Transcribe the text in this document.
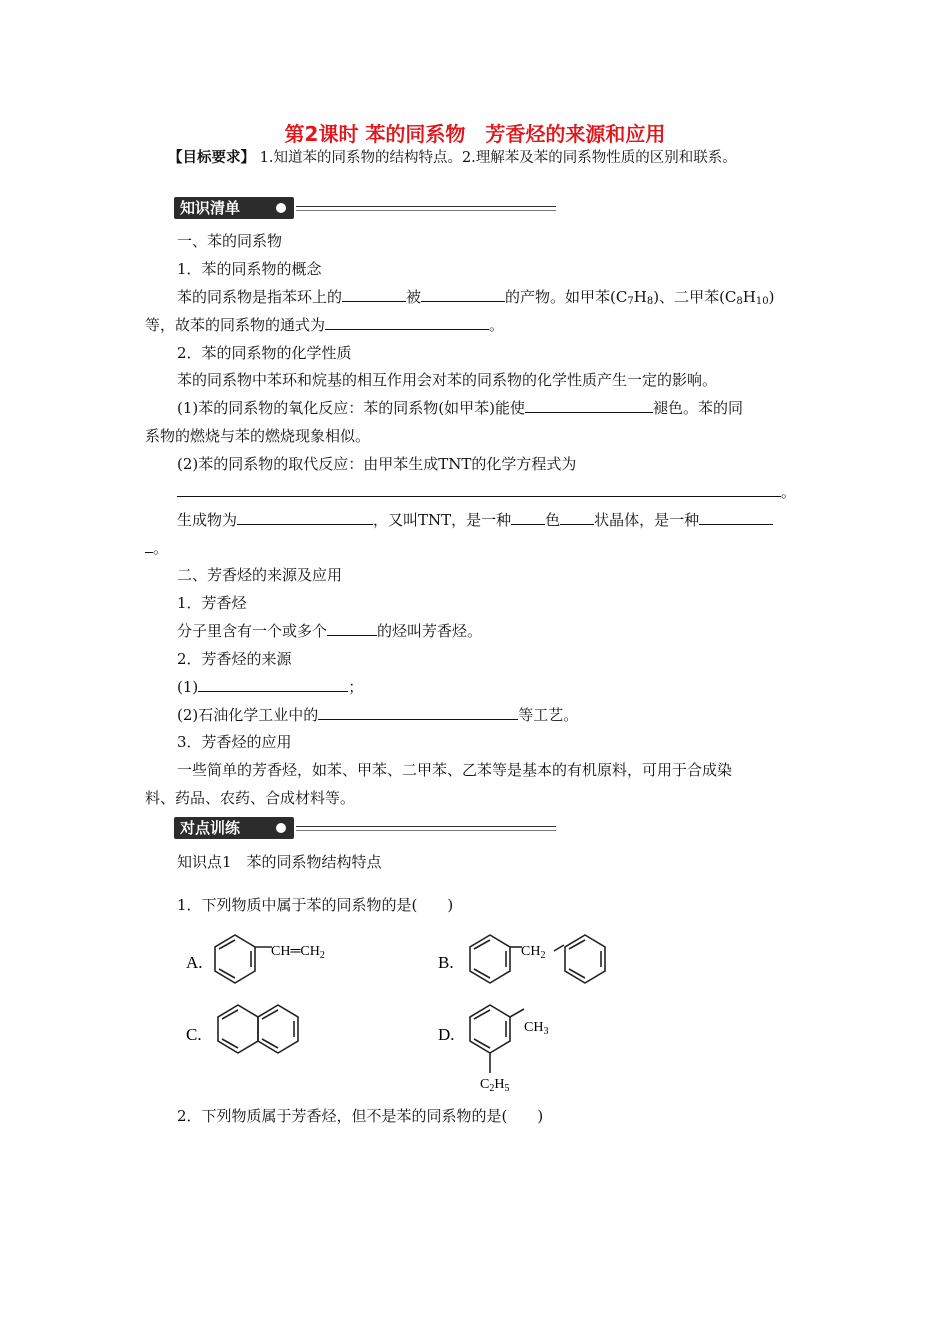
第2课时 苯的同系物　芳香烃的来源和应用
【目标要求】 1.知道苯的同系物的结构特点。2.理解苯及苯的同系物性质的区别和联系。
知识清单
一、苯的同系物
1．苯的同系物的概念
苯的同系物是指苯环上的	被	的产物。如甲苯$(C_7H_8)$、二甲苯$(C_8H_{10})$
等，故苯的同系物的通式为	。
2．苯的同系物的化学性质
苯的同系物中苯环和烷基的相互作用会对苯的同系物的化学性质产生一定的影响。
(1)苯的同系物的氧化反应：苯的同系物(如甲苯)能使	褪色。苯的同
系物的燃烧与苯的燃烧现象相似。
(2)苯的同系物的取代反应：由甲苯生成TNT的化学方程式为
。
生成物为	，又叫TNT，是一种 色 状晶体，是一种
。
二、芳香烃的来源及应用
1．芳香烃
分子里含有一个或多个	的烃叫芳香烃。
2．芳香烃的来源
(1)	；
(2)石油化学工业中的	等工艺。
3．芳香烃的应用
一些简单的芳香烃，如苯、甲苯、二甲苯、乙苯等是基本的有机原料，可用于合成染
料、药品、农药、合成材料等。
对点训练
知识点1　苯的同系物结构特点
1．下列物质中属于苯的同系物的是(　　)
A.
$CH═CH_2$	B.
$CH_2$
C.	D.	$CH_3$
$C_2H_5$
2．下列物质属于芳香烃，但不是苯的同系物的是(　　)
